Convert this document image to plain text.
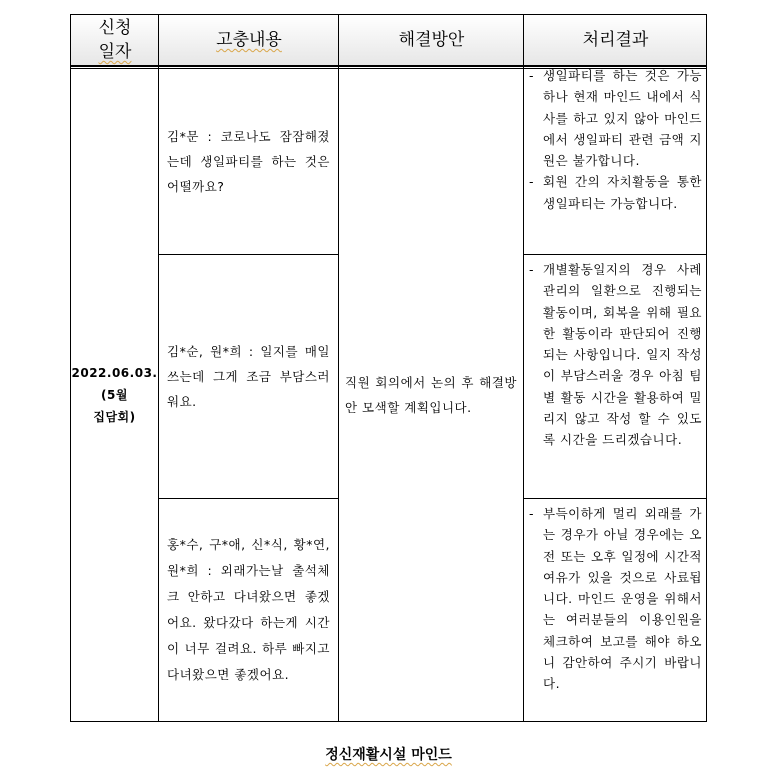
신청
일자
고충내용	해결방안	처리결과
2022.06.03.
(5월
집담회)

직원 회의에서 논의 후 해결방안 모색할 계획입니다.

김*문 : 코로나도 잠잠해졌는데 생일파티를 하는 것은 어떨까요?

- 생일파티를 하는 것은 가능하나 현재 마인드 내에서 식사를 하고 있지 않아 마인드에서 생일파티 관련 금액 지원은 불가합니다.
- 회원 간의 자치활동을 통한 생일파티는 가능합니다.

김*순, 원*희 : 일지를 매일쓰는데 그게 조금 부담스러워요.

- 개별활동일지의 경우 사례관리의 일환으로 진행되는 활동이며, 회복을 위해 필요한 활동이라 판단되어 진행되는 사항입니다. 일지 작성이 부담스러울 경우 아침 팀별 활동 시간을 활용하여 밀리지 않고 작성 할 수 있도록 시간을 드리겠습니다.

홍*수, 구*애, 신*식, 황*연, 원*희 : 외래가는날 출석체크 안하고 다녀왔으면 좋겠어요. 왔다갔다 하는게 시간이 너무 걸려요. 하루 빠지고 다녀왔으면 좋겠어요.

- 부득이하게 멀리 외래를 가는 경우가 아닐 경우에는 오전 또는 오후 일정에 시간적 여유가 있을 것으로 사료됩니다. 마인드 운영을 위해서는 여러분들의 이용인원을 체크하여 보고를 해야 하오니 감안하여 주시기 바랍니다.
정신재활시설 마인드
